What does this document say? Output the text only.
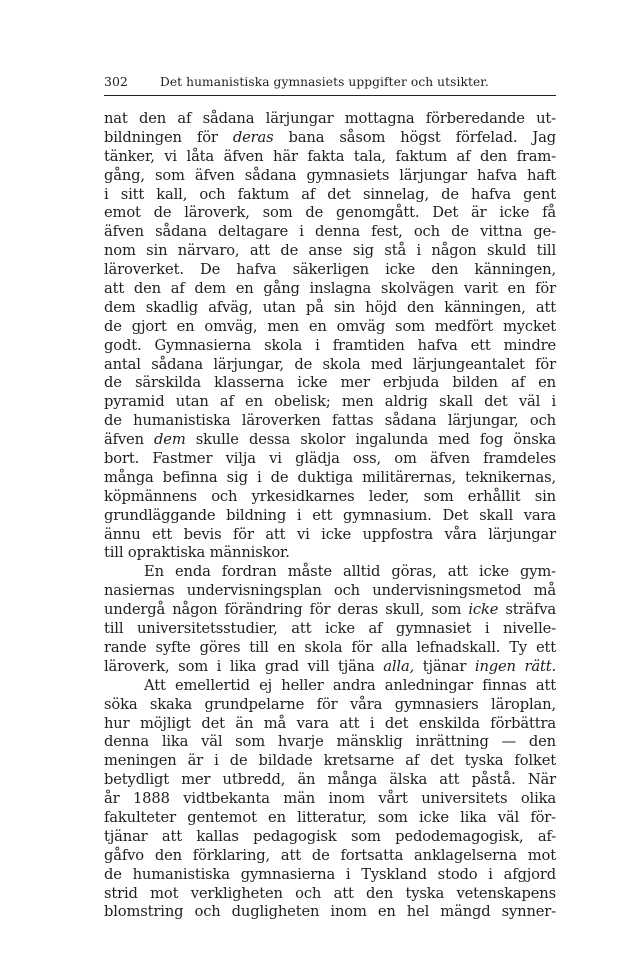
302	Det humanistiska gymnasiets uppgifter och utsikter.
nat den af sådana lärjungar mottagna förberedande ut-
bildningen för deras bana såsom högst förfelad. Jag
tänker, vi låta äfven här fakta tala, faktum af den fram-
gång, som äfven sådana gymnasiets lärjungar hafva haft
i sitt kall, och faktum af det sinnelag, de hafva gent
emot de läroverk, som de genomgått. Det är icke få
äfven sådana deltagare i denna fest, och de vittna ge-
nom sin närvaro, att de anse sig stå i någon skuld till
läroverket. De hafva säkerligen icke den känningen,
att den af dem en gång inslagna skolvägen varit en för
dem skadlig afväg, utan på sin höjd den känningen, att
de gjort en omväg, men en omväg som medfört mycket
godt. Gymnasierna skola i framtiden hafva ett mindre
antal sådana lärjungar, de skola med lärjungeantalet för
de särskilda klasserna icke mer erbjuda bilden af en
pyramid utan af en obelisk; men aldrig skall det väl i
de humanistiska läroverken fattas sådana lärjungar, och
äfven dem skulle dessa skolor ingalunda med fog önska
bort. Fastmer vilja vi glädja oss, om äfven framdeles
många befinna sig i de duktiga militärernas, teknikernas,
köpmännens och yrkesidkarnes leder, som erhållit sin
grundläggande bildning i ett gymnasium. Det skall vara
ännu ett bevis för att vi icke uppfostra våra lärjungar
till opraktiska människor.
En enda fordran måste alltid göras, att icke gym-
nasiernas undervisningsplan och undervisningsmetod må
undergå någon förändring för deras skull, som icke sträfva
till universitetsstudier, att icke af gymnasiet i nivelle-
rande syfte göres till en skola för alla lefnadskall. Ty ett
läroverk, som i lika grad vill tjäna alla, tjänar ingen rätt.
Att emellertid ej heller andra anledningar finnas att
söka skaka grundpelarne för våra gymnasiers läroplan,
hur möjligt det än må vara att i det enskilda förbättra
denna lika väl som hvarje mänsklig inrättning — den
meningen är i de bildade kretsarne af det tyska folket
betydligt mer utbredd, än många älska att påstå. När
år 1888 vidtbekanta män inom vårt universitets olika
fakulteter gentemot en litteratur, som icke lika väl för-
tjänar att kallas pedagogisk som pedodemagogisk, af-
gåfvo den förklaring, att de fortsatta anklagelserna mot
de humanistiska gymnasierna i Tyskland stodo i afgjord
strid mot verkligheten och att den tyska vetenskapens
blomstring och dugligheten inom en hel mängd synner-
